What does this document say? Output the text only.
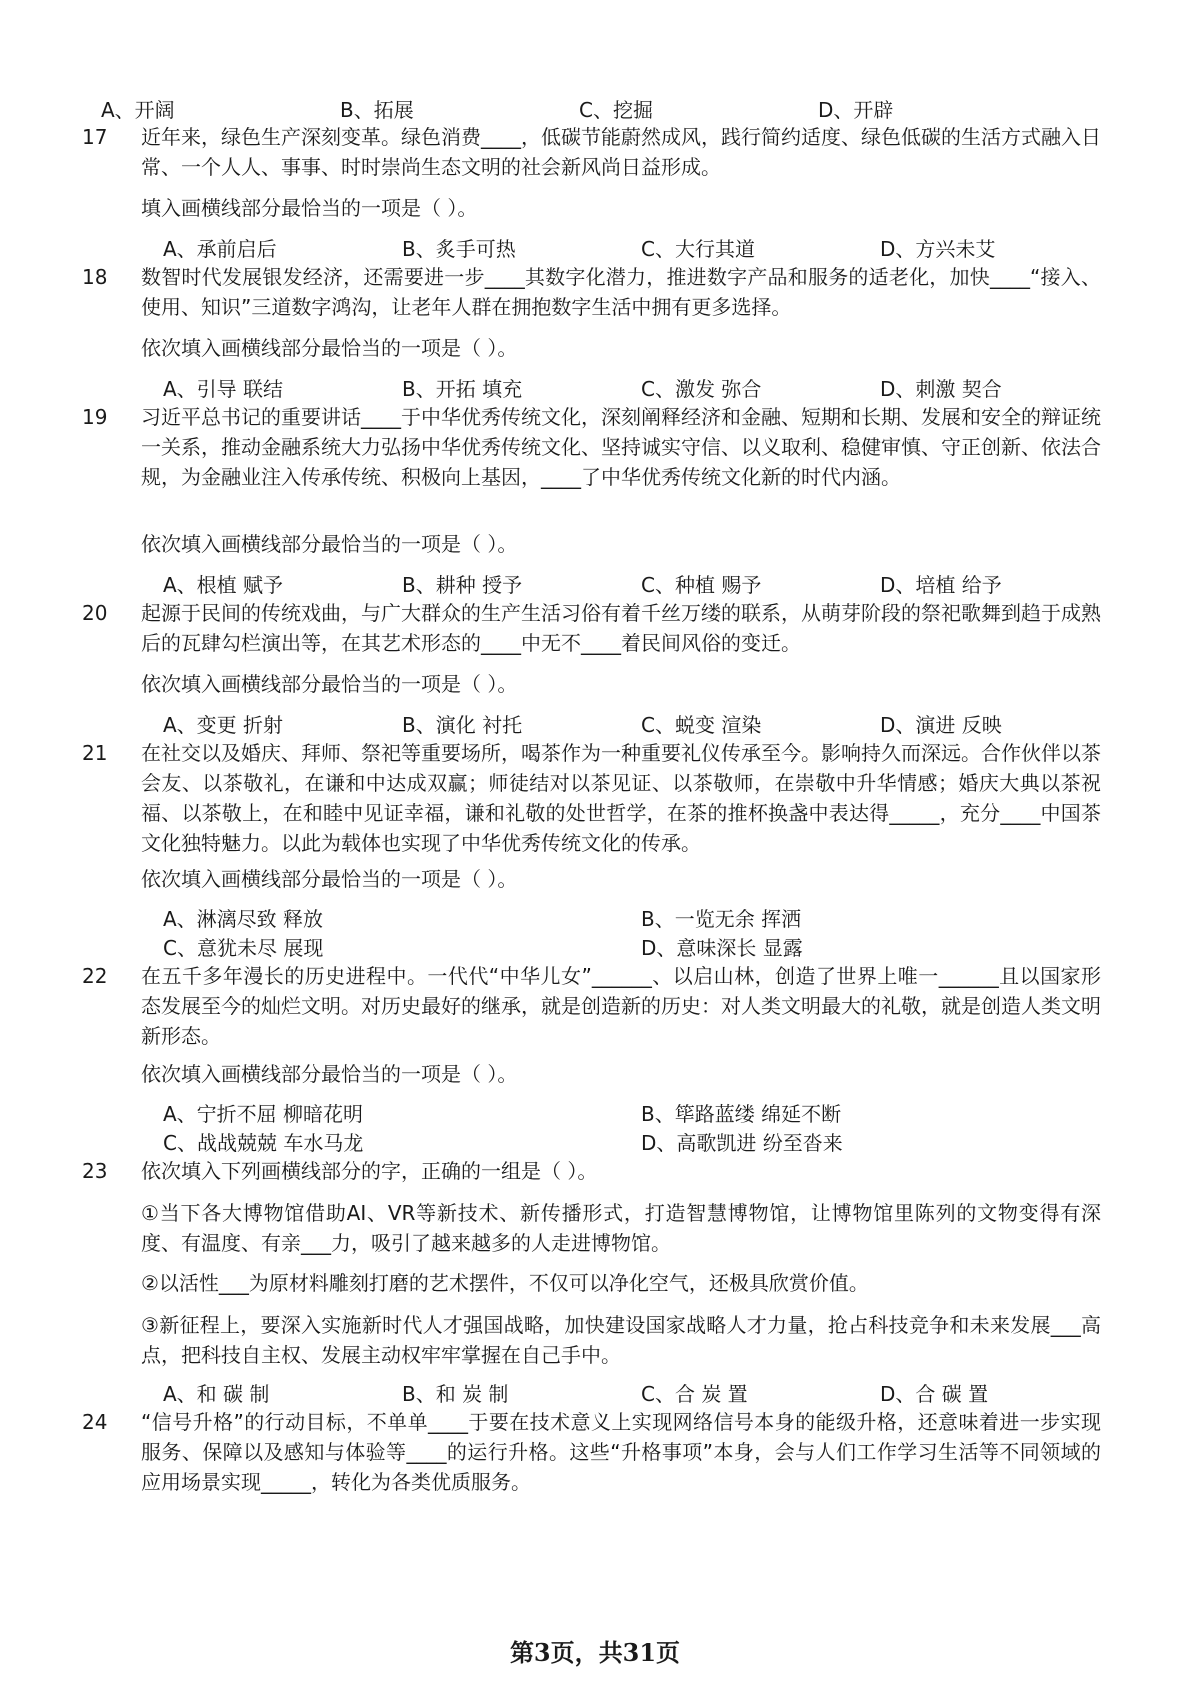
A、开阔	B、拓展	C、挖掘	D、开辟
17	近年来，绿色生产深刻变革。绿色消费____，低碳节能蔚然成风，践行简约适度、绿色低碳的生活方式融入日常、一个人人、事事、时时崇尚生态文明的社会新风尚日益形成。
填入画横线部分最恰当的一项是（ ）。
A、承前启后	B、炙手可热	C、大行其道	D、方兴未艾
18	数智时代发展银发经济，还需要进一步____其数字化潜力，推进数字产品和服务的适老化，加快____“接入、使用、知识”三道数字鸿沟，让老年人群在拥抱数字生活中拥有更多选择。
依次填入画横线部分最恰当的一项是（ ）。
A、引导 联结	B、开拓 填充	C、激发 弥合	D、刺激 契合
19	习近平总书记的重要讲话____于中华优秀传统文化，深刻阐释经济和金融、短期和长期、发展和安全的辩证统一关系，推动金融系统大力弘扬中华优秀传统文化、坚持诚实守信、以义取利、稳健审慎、守正创新、依法合规，为金融业注入传承传统、积极向上基因，____了中华优秀传统文化新的时代内涵。
依次填入画横线部分最恰当的一项是（ ）。
A、根植 赋予	B、耕种 授予	C、种植 赐予	D、培植 给予
20	起源于民间的传统戏曲，与广大群众的生产生活习俗有着千丝万缕的联系，从萌芽阶段的祭祀歌舞到趋于成熟后的瓦肆勾栏演出等，在其艺术形态的____中无不____着民间风俗的变迁。
依次填入画横线部分最恰当的一项是（ ）。
A、变更 折射	B、演化 衬托	C、蜕变 渲染	D、演进 反映
21	在社交以及婚庆、拜师、祭祀等重要场所，喝茶作为一种重要礼仪传承至今。影响持久而深远。合作伙伴以茶会友、以茶敬礼，在谦和中达成双赢；师徒结对以茶见证、以茶敬师，在崇敬中升华情感；婚庆大典以茶祝福、以茶敬上，在和睦中见证幸福，谦和礼敬的处世哲学，在茶的推杯换盏中表达得_____，充分____中国茶文化独特魅力。以此为载体也实现了中华优秀传统文化的传承。
依次填入画横线部分最恰当的一项是（ ）。
A、淋漓尽致 释放	B、一览无余 挥洒
C、意犹未尽 展现	D、意味深长 显露
22	在五千多年漫长的历史进程中。一代代“中华儿女”______、以启山林，创造了世界上唯一______且以国家形态发展至今的灿烂文明。对历史最好的继承，就是创造新的历史：对人类文明最大的礼敬，就是创造人类文明新形态。
依次填入画横线部分最恰当的一项是（ ）。
A、宁折不屈 柳暗花明	B、筚路蓝缕 绵延不断
C、战战兢兢 车水马龙	D、高歌凯进 纷至沓来
23	依次填入下列画横线部分的字，正确的一组是（ ）。
①当下各大博物馆借助AI、VR等新技术、新传播形式，打造智慧博物馆，让博物馆里陈列的文物变得有深度、有温度、有亲___力，吸引了越来越多的人走进博物馆。
②以活性___为原材料雕刻打磨的艺术摆件，不仅可以净化空气，还极具欣赏价值。
③新征程上，要深入实施新时代人才强国战略，加快建设国家战略人才力量，抢占科技竞争和未来发展___高点，把科技自主权、发展主动权牢牢掌握在自己手中。
A、和 碳 制	B、和 炭 制	C、合 炭 置	D、合 碳 置
24	“信号升格”的行动目标，不单单____于要在技术意义上实现网络信号本身的能级升格，还意味着进一步实现服务、保障以及感知与体验等____的运行升格。这些“升格事项”本身，会与人们工作学习生活等不同领域的应用场景实现_____，转化为各类优质服务。
第3页，共31页
